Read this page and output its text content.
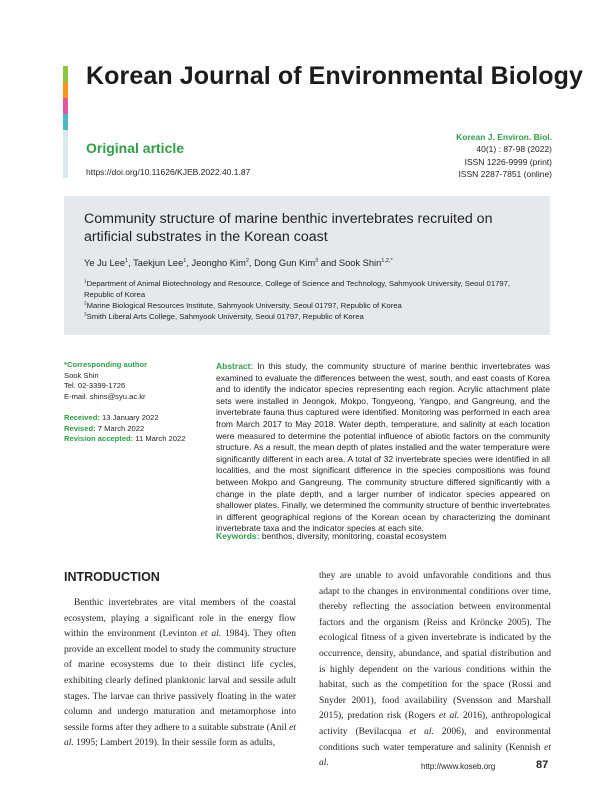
Korean Journal of Environmental Biology
Original article
https://doi.org/10.11626/KJEB.2022.40.1.87
Korean J. Environ. Biol.
40(1) : 87-98 (2022)
ISSN 1226-9999 (print)
ISSN 2287-7851 (online)
Community structure of marine benthic invertebrates recruited on artificial substrates in the Korean coast
Ye Ju Lee$^1$, Taekjun Lee$^1$, Jeongho Kim$^2$, Dong Gun Kim$^3$ and Sook Shin$^{1,2,*}$
$^1$Department of Animal Biotechnology and Resource, College of Science and Technology, Sahmyook University, Seoul 01797, Republic of Korea
$^2$Marine Biological Resources Institute, Sahmyook University, Seoul 01797, Republic of Korea
$^3$Smith Liberal Arts College, Sahmyook University, Seoul 01797, Republic of Korea
*Corresponding author
Sook Shin
Tel. 02-3399-1726
E-mail. shins@syu.ac.kr
Received: 13 January 2022
Revised: 7 March 2022
Revision accepted: 11 March 2022
Abstract: In this study, the community structure of marine benthic invertebrates was examined to evaluate the differences between the west, south, and east coasts of Korea and to identify the indicator species representing each region. Acrylic attachment plate sets were installed in Jeongok, Mokpo, Tongyeong, Yangpo, and Gangreung, and the invertebrate fauna thus captured were identified. Monitoring was performed in each area from March 2017 to May 2018. Water depth, temperature, and salinity at each location were measured to determine the potential influence of abiotic factors on the community structure. As a result, the mean depth of plates installed and the water temperature were significantly different in each area. A total of 32 invertebrate species were identified in all localities, and the most significant difference in the species compositions was found between Mokpo and Gangreung. The community structure differed significantly with a change in the plate depth, and a larger number of indicator species appeared on shallower plates. Finally, we determined the community structure of benthic invertebrates in different geographical regions of the Korean ocean by characterizing the dominant invertebrate taxa and the indicator species at each site.
Keywords: benthos, diversity, monitoring, coastal ecosystem
INTRODUCTION

Benthic invertebrates are vital members of the coastal ecosystem, playing a significant role in the energy flow within the environment (Levinton et al. 1984). They often provide an excellent model to study the community structure of marine ecosystems due to their distinct life cycles, exhibiting clearly defined planktonic larval and sessile adult stages. The larvae can thrive passively floating in the water column and undergo maturation and metamorphose into sessile forms after they adhere to a suitable substrate (Anil et al. 1995; Lambert 2019). In their sessile form as adults,

they are unable to avoid unfavorable conditions and thus adapt to the changes in environmental conditions over time, thereby reflecting the association between environmental factors and the organism (Reiss and Kröncke 2005). The ecological fitness of a given invertebrate is indicated by the occurrence, density, abundance, and spatial distribution and is highly dependent on the various conditions within the habitat, such as the competition for the space (Rossi and Snyder 2001), food availability (Svensson and Marshall 2015), predation risk (Rogers et al. 2016), anthropological activity (Bevilacqua et al. 2006), and environmental conditions such water temperature and salinity (Kennish et al.	http://www.koseb.org	87
